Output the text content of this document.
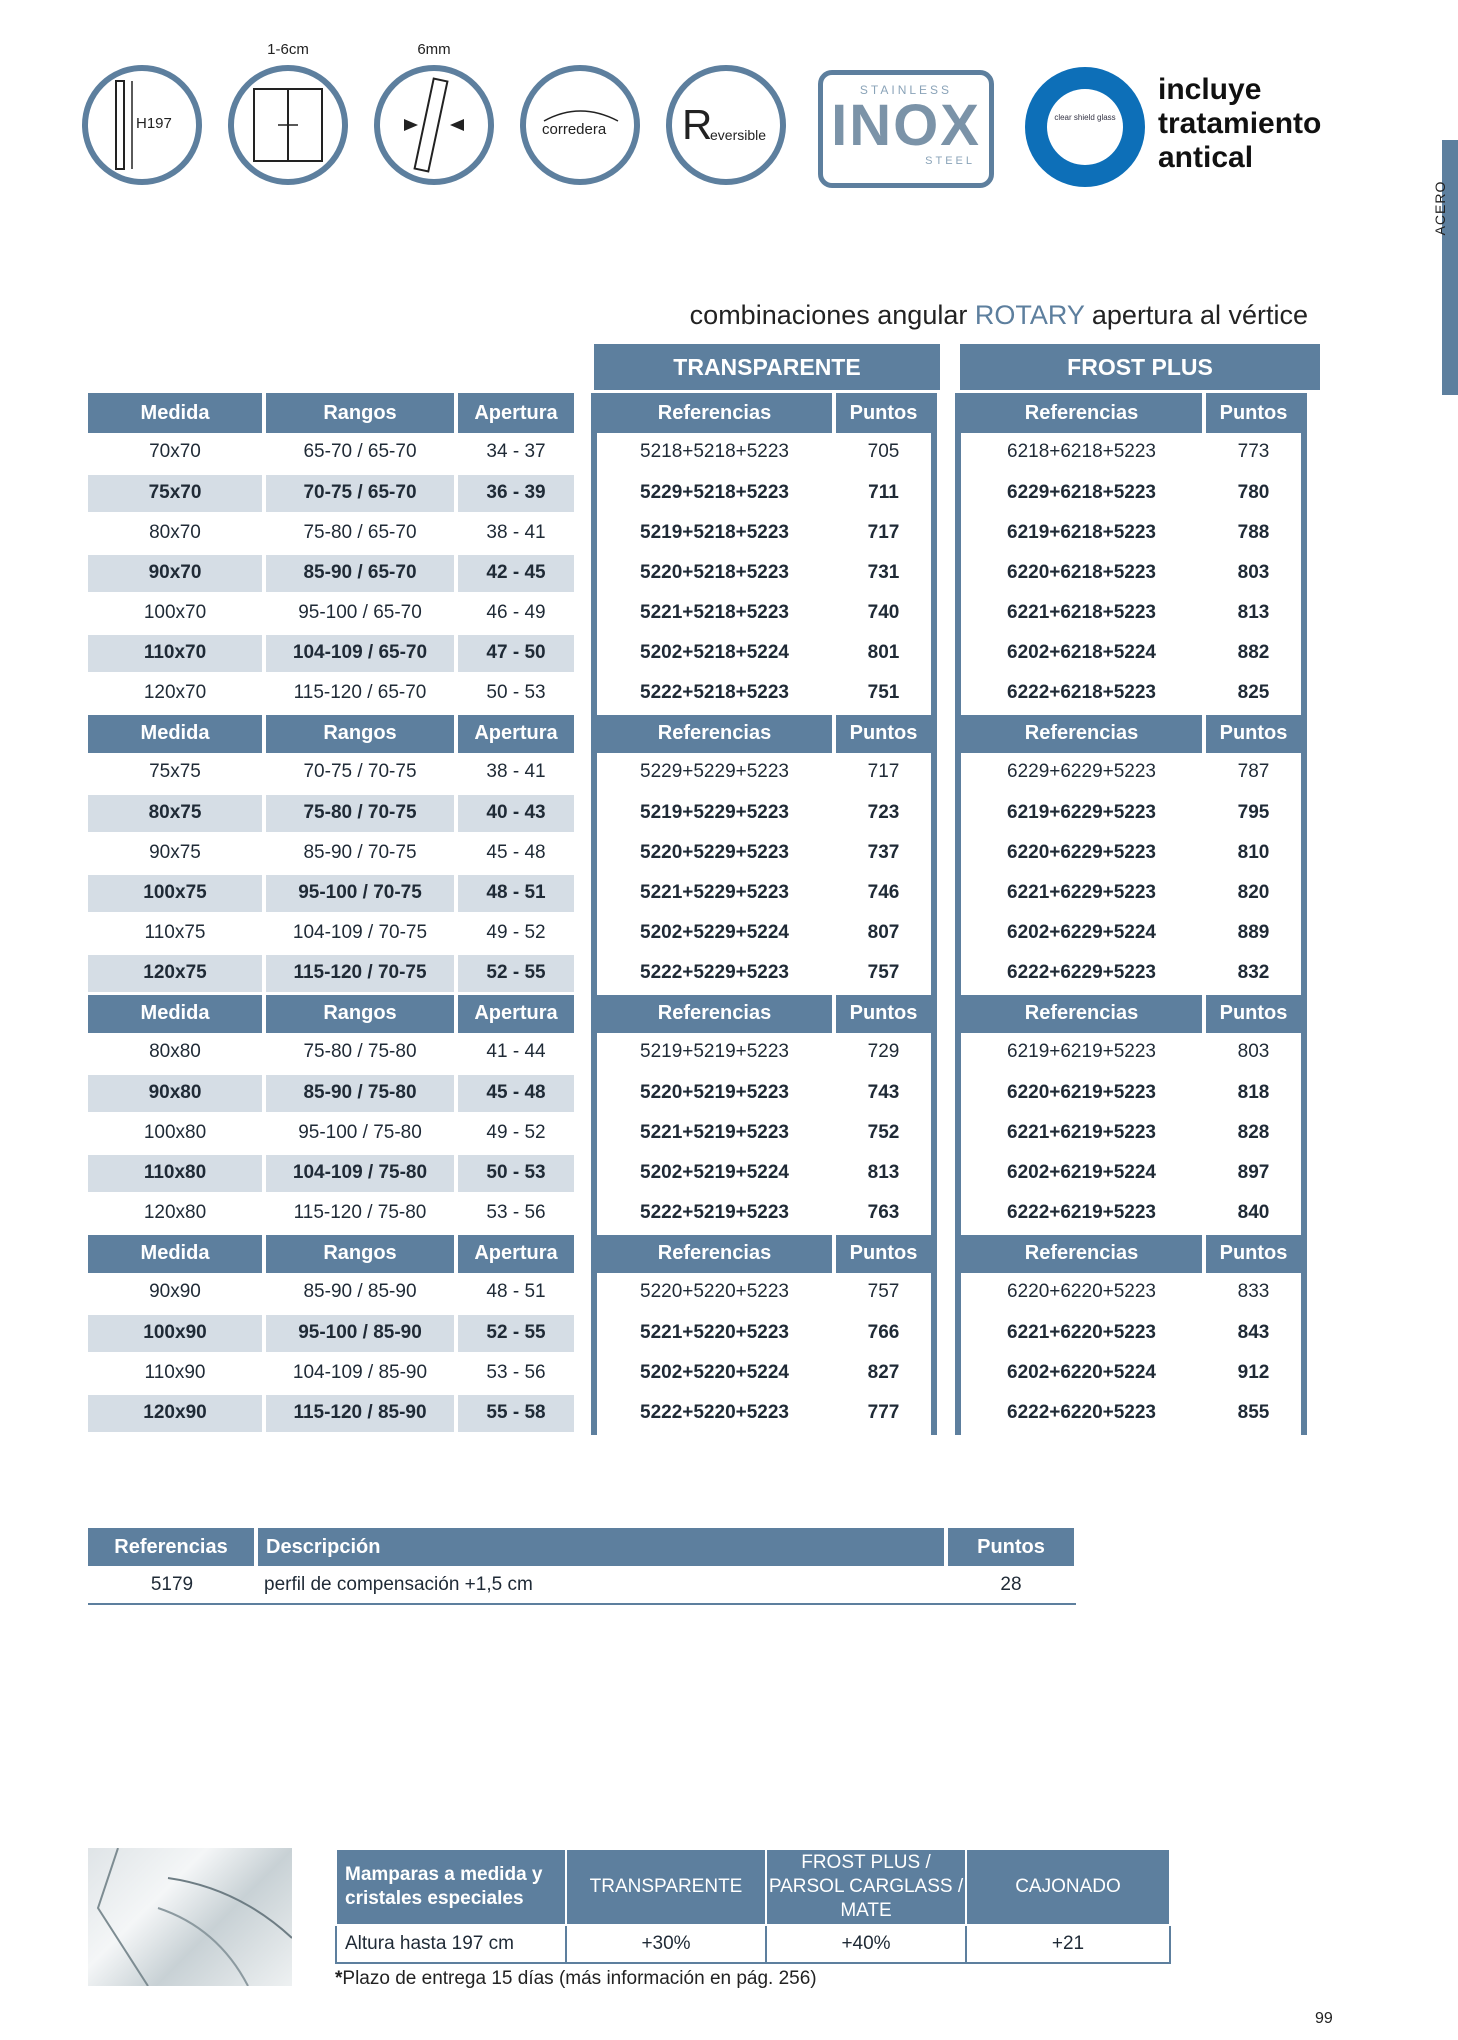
H197
1-6cm	6mm
corredera R
eversible
STAINLESS
INOX
STEEL
clear shield glass
incluye
tratamiento
antical
ACERO
combinaciones angular ROTARY apertura al vértice
TRANSPARENTE	FROST PLUS
Medida	Rangos	Apertura		Referencias	Puntos		Referencias	Puntos
70x70	65-70 / 65-70	34 - 37		5218+5218+5223	705		6218+6218+5223	773
75x70	70-75 / 65-70	36 - 39		5229+5218+5223	711		6229+6218+5223	780
80x70	75-80 / 65-70	38 - 41		5219+5218+5223	717		6219+6218+5223	788
90x70	85-90 / 65-70	42 - 45		5220+5218+5223	731		6220+6218+5223	803
100x70	95-100 / 65-70	46 - 49		5221+5218+5223	740		6221+6218+5223	813
110x70	104-109 / 65-70	47 - 50		5202+5218+5224	801		6202+6218+5224	882
120x70	115-120 / 65-70	50 - 53		5222+5218+5223	751		6222+6218+5223	825
Medida	Rangos	Apertura		Referencias	Puntos		Referencias	Puntos
75x75	70-75 / 70-75	38 - 41		5229+5229+5223	717		6229+6229+5223	787
80x75	75-80 / 70-75	40 - 43		5219+5229+5223	723		6219+6229+5223	795
90x75	85-90 / 70-75	45 - 48		5220+5229+5223	737		6220+6229+5223	810
100x75	95-100 / 70-75	48 - 51		5221+5229+5223	746		6221+6229+5223	820
110x75	104-109 / 70-75	49 - 52		5202+5229+5224	807		6202+6229+5224	889
120x75	115-120 / 70-75	52 - 55		5222+5229+5223	757		6222+6229+5223	832
Medida	Rangos	Apertura		Referencias	Puntos		Referencias	Puntos
80x80	75-80 / 75-80	41 - 44		5219+5219+5223	729		6219+6219+5223	803
90x80	85-90 / 75-80	45 - 48		5220+5219+5223	743		6220+6219+5223	818
100x80	95-100 / 75-80	49 - 52		5221+5219+5223	752		6221+6219+5223	828
110x80	104-109 / 75-80	50 - 53		5202+5219+5224	813		6202+6219+5224	897
120x80	115-120 / 75-80	53 - 56		5222+5219+5223	763		6222+6219+5223	840
Medida	Rangos	Apertura		Referencias	Puntos		Referencias	Puntos
90x90	85-90 / 85-90	48 - 51		5220+5220+5223	757		6220+6220+5223	833
100x90	95-100 / 85-90	52 - 55		5221+5220+5223	766		6221+6220+5223	843
110x90	104-109 / 85-90	53 - 56		5202+5220+5224	827		6202+6220+5224	912
120x90	115-120 / 85-90	55 - 58		5222+5220+5223	777		6222+6220+5223	855
Referencias	Descripción	Puntos
5179	perfil de compensación +1,5 cm	28
Mamparas a medida y cristales especiales	TRANSPARENTE	FROST PLUS / PARSOL CARGLASS / MATE	CAJONADO
Altura hasta 197 cm	+30%	+40%	+21
*Plazo de entrega 15 días (más información en pág. 256)
99
